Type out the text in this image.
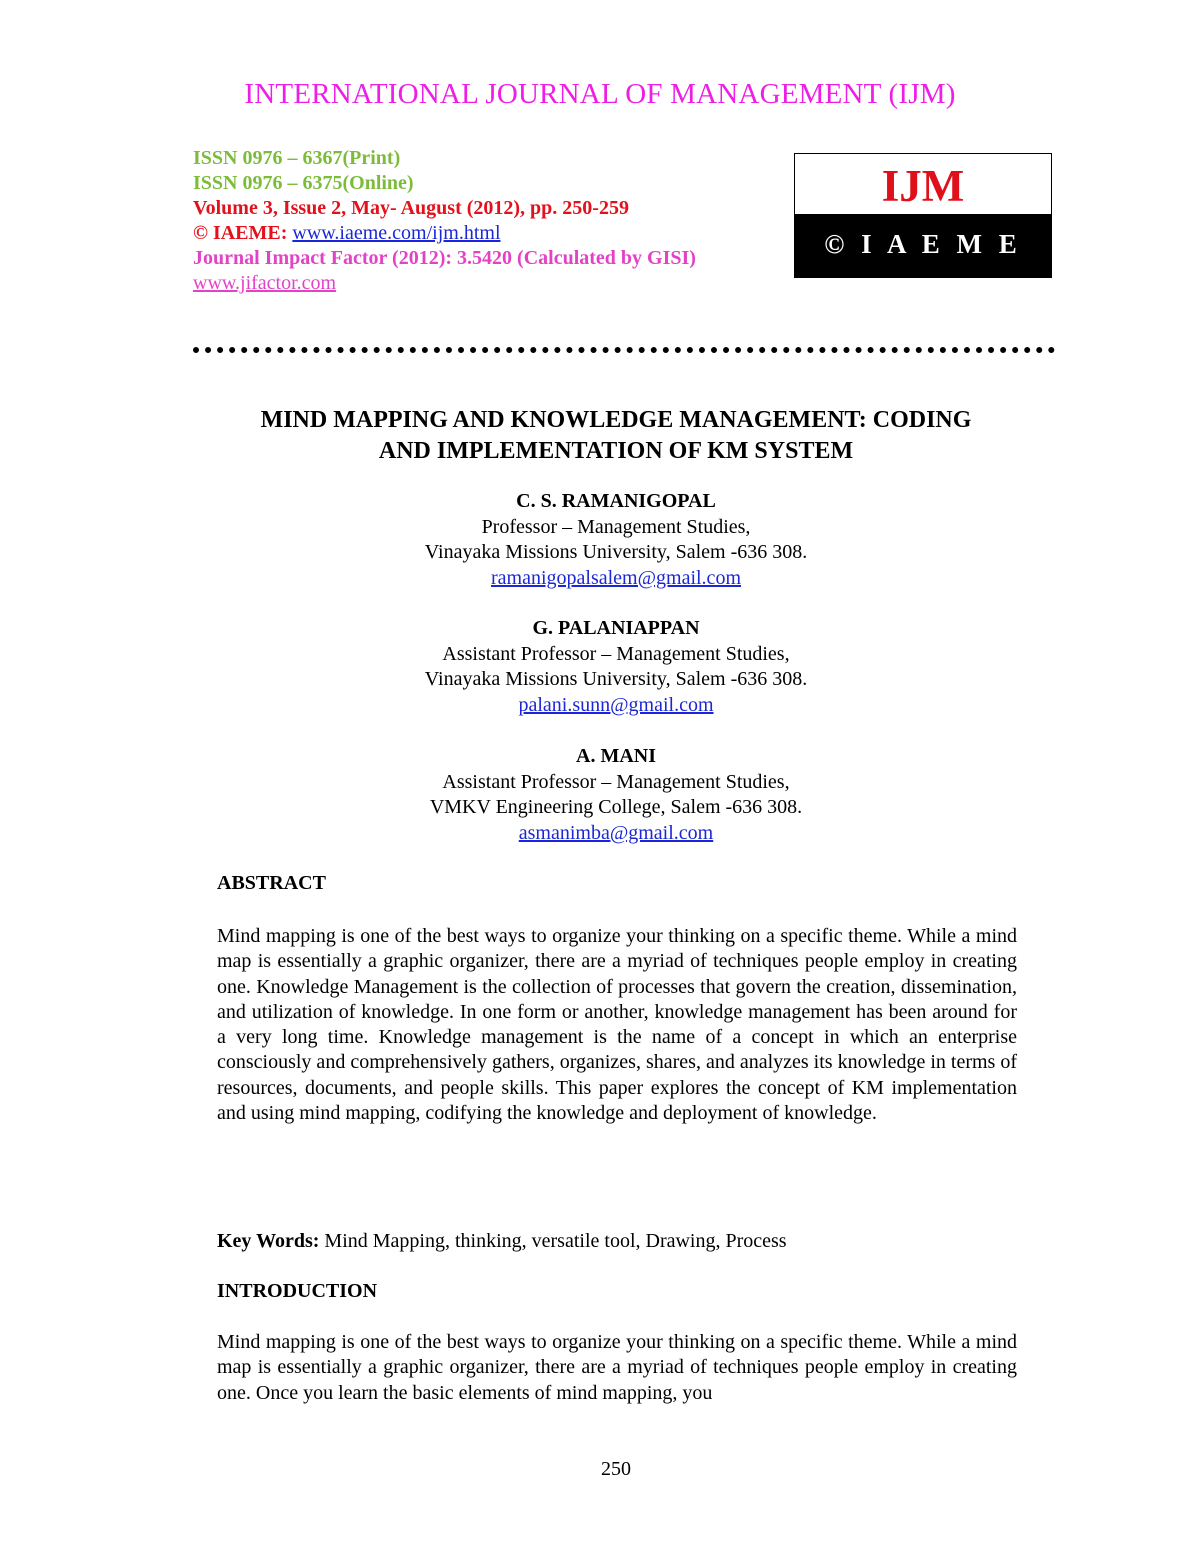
INTERNATIONAL JOURNAL OF MANAGEMENT (IJM)
ISSN 0976 – 6367(Print)
ISSN 0976 – 6375(Online)
Volume 3, Issue 2, May- August (2012), pp. 250-259
© IAEME: www.iaeme.com/ijm.html
Journal Impact Factor (2012): 3.5420 (Calculated by GISI)
www.jifactor.com
IJM
© I A E M E
MIND MAPPING AND KNOWLEDGE MANAGEMENT: CODING
AND IMPLEMENTATION OF KM SYSTEM
C. S. RAMANIGOPAL
Professor – Management Studies,
Vinayaka Missions University, Salem -636 308.
ramanigopalsalem@gmail.com
G. PALANIAPPAN
Assistant Professor – Management Studies,
Vinayaka Missions University, Salem -636 308.
palani.sunn@gmail.com
A. MANI
Assistant Professor – Management Studies,
VMKV Engineering College, Salem -636 308.
asmanimba@gmail.com
ABSTRACT
Mind mapping is one of the best ways to organize your thinking on a specific theme. While a mind map is essentially a graphic organizer, there are a myriad of techniques people employ in creating one. Knowledge Management is the collection of processes that govern the creation, dissemination, and utilization of knowledge. In one form or another, knowledge management has been around for a very long time. Knowledge management is the name of a concept in which an enterprise consciously and comprehensively gathers, organizes, shares, and analyzes its knowledge in terms of resources, documents, and people skills. This paper explores the concept of KM implementation and using mind mapping, codifying the knowledge and deployment of knowledge.
Key Words: Mind Mapping, thinking, versatile tool, Drawing, Process
INTRODUCTION
Mind mapping is one of the best ways to organize your thinking on a specific theme. While a mind map is essentially a graphic organizer, there are a myriad of techniques people employ in creating one. Once you learn the basic elements of mind mapping, you
250
